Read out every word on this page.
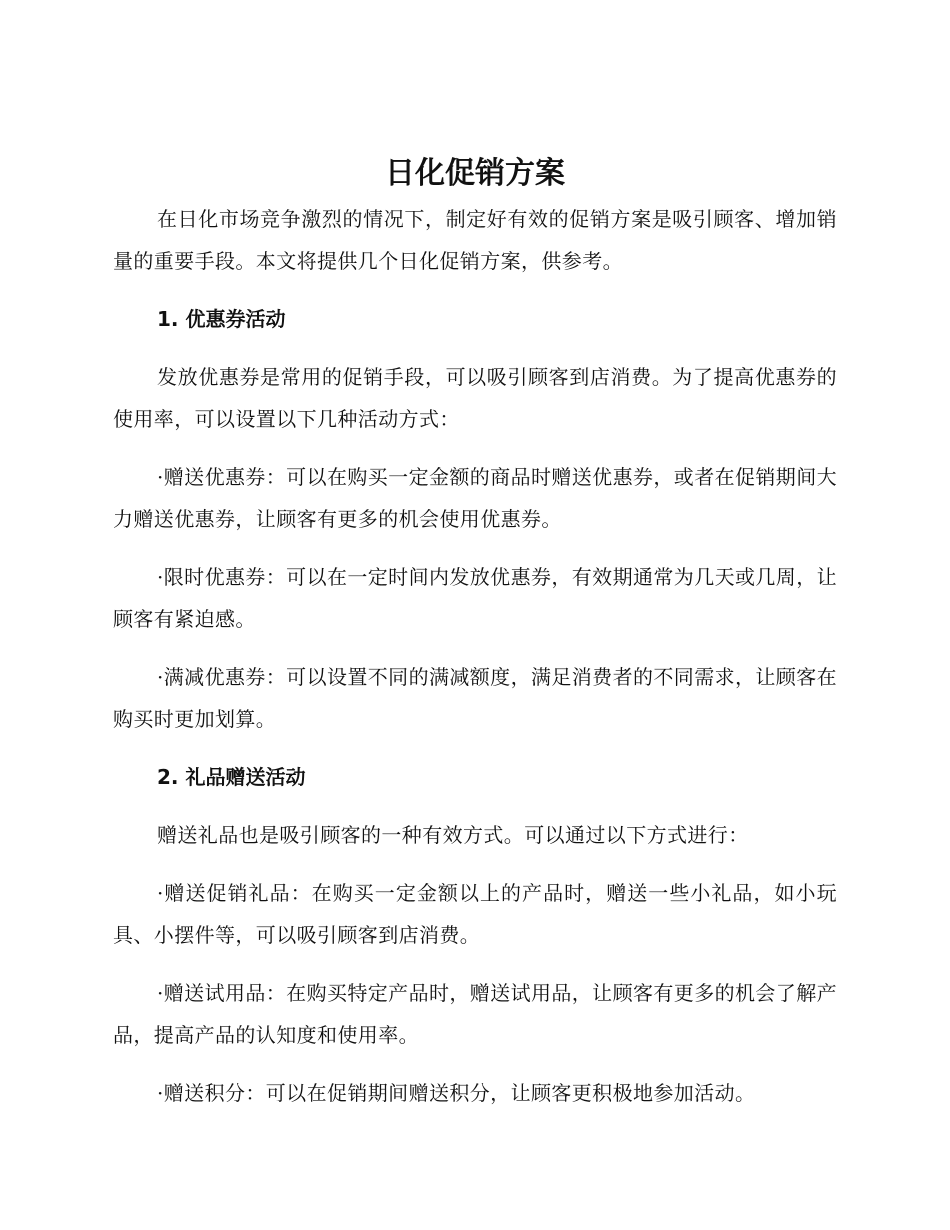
日化促销方案

在日化市场竞争激烈的情况下，制定好有效的促销方案是吸引顾客、增加销量的重要手段。本文将提供几个日化促销方案，供参考。

1. 优惠券活动

发放优惠券是常用的促销手段，可以吸引顾客到店消费。为了提高优惠券的使用率，可以设置以下几种活动方式：

·赠送优惠券：可以在购买一定金额的商品时赠送优惠券，或者在促销期间大力赠送优惠券，让顾客有更多的机会使用优惠券。

·限时优惠券：可以在一定时间内发放优惠券，有效期通常为几天或几周，让顾客有紧迫感。

·满减优惠券：可以设置不同的满减额度，满足消费者的不同需求，让顾客在购买时更加划算。

2. 礼品赠送活动

赠送礼品也是吸引顾客的一种有效方式。可以通过以下方式进行：

·赠送促销礼品：在购买一定金额以上的产品时，赠送一些小礼品，如小玩具、小摆件等，可以吸引顾客到店消费。

·赠送试用品：在购买特定产品时，赠送试用品，让顾客有更多的机会了解产品，提高产品的认知度和使用率。

·赠送积分：可以在促销期间赠送积分，让顾客更积极地参加活动。
